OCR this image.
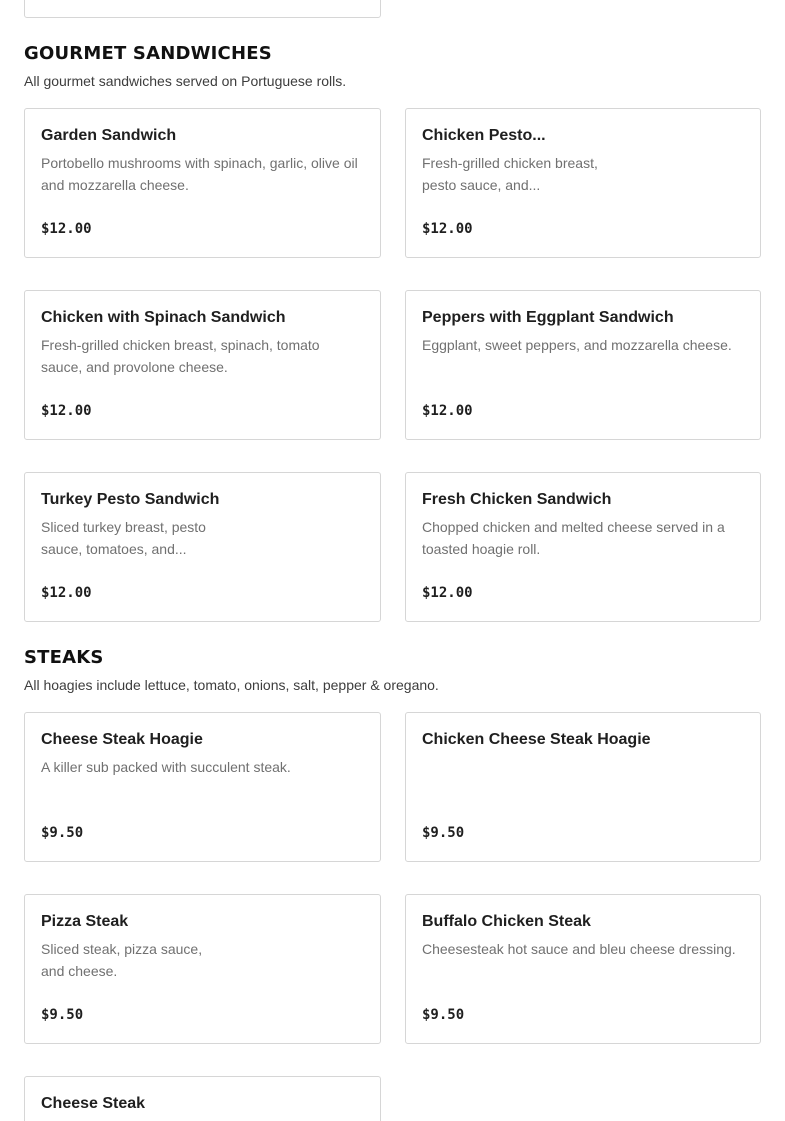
GOURMET SANDWICHES

All gourmet sandwiches served on Portuguese rolls.

Garden Sandwich
Portobello mushrooms with spinach, garlic, olive oil and mozzarella cheese.
$12.00
Chicken Pesto...
Fresh-grilled chicken breast, pesto sauce, and...
$12.00
Chicken with Spinach Sandwich
Fresh-grilled chicken breast, spinach, tomato sauce, and provolone cheese.
$12.00
Peppers with Eggplant Sandwich
Eggplant, sweet peppers, and mozzarella cheese.
$12.00
Turkey Pesto Sandwich
Sliced turkey breast, pesto sauce, tomatoes, and...
$12.00
Fresh Chicken Sandwich
Chopped chicken and melted cheese served in a toasted hoagie roll.
$12.00
STEAKS

All hoagies include lettuce, tomato, onions, salt, pepper & oregano.

Cheese Steak Hoagie
A killer sub packed with succulent steak.
$9.50
Chicken Cheese Steak Hoagie
$9.50
Pizza Steak
Sliced steak, pizza sauce, and cheese.
$9.50
Buffalo Chicken Steak
Cheesesteak hot sauce and bleu cheese dressing.
$9.50
Cheese Steak
